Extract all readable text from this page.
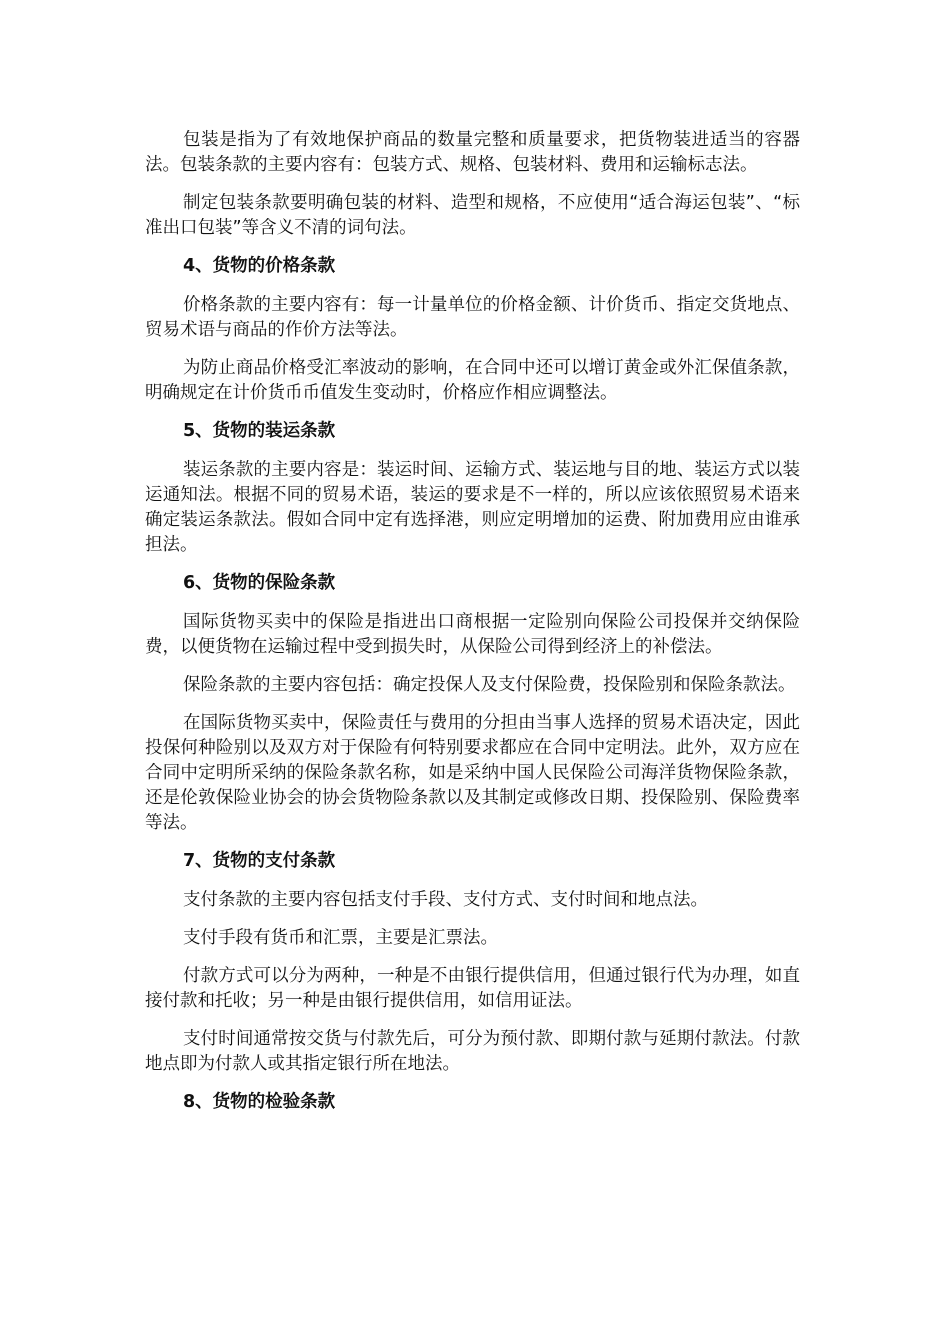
包装是指为了有效地保护商品的数量完整和质量要求，把货物装进适当的容器法。包装条款的主要内容有：包装方式、规格、包装材料、费用和运输标志法。

制定包装条款要明确包装的材料、造型和规格，不应使用“适合海运包装”、“标准出口包装”等含义不清的词句法。

4、货物的价格条款

价格条款的主要内容有：每一计量单位的价格金额、计价货币、指定交货地点、贸易术语与商品的作价方法等法。

为防止商品价格受汇率波动的影响，在合同中还可以增订黄金或外汇保值条款，明确规定在计价货币币值发生变动时，价格应作相应调整法。

5、货物的装运条款

装运条款的主要内容是：装运时间、运输方式、装运地与目的地、装运方式以装运通知法。根据不同的贸易术语，装运的要求是不一样的，所以应该依照贸易术语来确定装运条款法。假如合同中定有选择港，则应定明增加的运费、附加费用应由谁承担法。

6、货物的保险条款

国际货物买卖中的保险是指进出口商根据一定险别向保险公司投保并交纳保险费，以便货物在运输过程中受到损失时，从保险公司得到经济上的补偿法。

保险条款的主要内容包括：确定投保人及支付保险费，投保险别和保险条款法。

在国际货物买卖中，保险责任与费用的分担由当事人选择的贸易术语决定，因此投保何种险别以及双方对于保险有何特别要求都应在合同中定明法。此外，双方应在合同中定明所采纳的保险条款名称，如是采纳中国人民保险公司海洋货物保险条款，还是伦敦保险业协会的协会货物险条款以及其制定或修改日期、投保险别、保险费率等法。

7、货物的支付条款

支付条款的主要内容包括支付手段、支付方式、支付时间和地点法。

支付手段有货币和汇票，主要是汇票法。

付款方式可以分为两种，一种是不由银行提供信用，但通过银行代为办理，如直接付款和托收；另一种是由银行提供信用，如信用证法。

支付时间通常按交货与付款先后，可分为预付款、即期付款与延期付款法。付款地点即为付款人或其指定银行所在地法。

8、货物的检验条款
